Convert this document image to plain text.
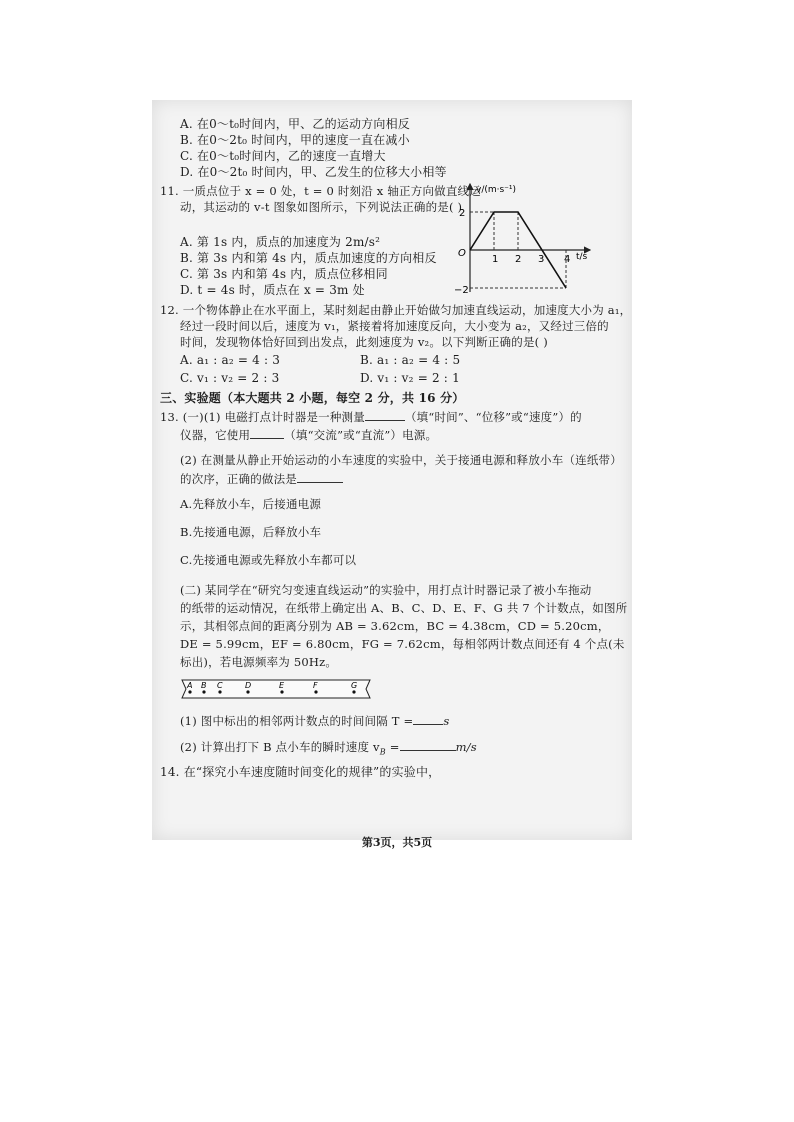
A. 在0～t₀时间内，甲、乙的运动方向相反
B. 在0～2t₀ 时间内，甲的速度一直在减小
C. 在0～t₀时间内，乙的速度一直增大
D. 在0～2t₀ 时间内，甲、乙发生的位移大小相等
11. 一质点位于 x = 0 处，t = 0 时刻沿 x 轴正方向做直线运
动，其运动的 v-t 图象如图所示，下列说法正确的是( )
A. 第 1s 内，质点的加速度为 2m/s²
B. 第 3s 内和第 4s 内，质点加速度的方向相反
C. 第 3s 内和第 4s 内，质点位移相同
D. t = 4s 时，质点在 x = 3m 处
v/(m·s⁻¹)
t/s
O
2
−2
1 2 3 4
12. 一个物体静止在水平面上，某时刻起由静止开始做匀加速直线运动，加速度大小为 a₁，
经过一段时间以后，速度为 v₁，紧接着将加速度反向，大小变为 a₂，又经过三倍的
时间，发现物体恰好回到出发点，此刻速度为 v₂。以下判断正确的是( )
A. a₁ : a₂ = 4 : 3	B. a₁ : a₂ = 4 : 5
C. v₁ : v₂ = 2 : 3	D. v₁ : v₂ = 2 : 1
三、实验题（本大题共 2 小题，每空 2 分，共 16 分）
13. (一)(1) 电磁打点计时器是一种测量	（填“时间”、“位移”或“速度”）的
仪器，它使用	（填“交流”或“直流”）电源。
(2) 在测量从静止开始运动的小车速度的实验中，关于接通电源和释放小车（连纸带）
的次序，正确的做法是
A.先释放小车，后接通电源
B.先接通电源，后释放小车
C.先接通电源或先释放小车都可以
(二) 某同学在“研究匀变速直线运动”的实验中，用打点计时器记录了被小车拖动
的纸带的运动情况，在纸带上确定出 A、B、C、D、E、F、G 共 7 个计数点，如图所
示，其相邻点间的距离分别为 AB = 3.62cm，BC = 4.38cm，CD = 5.20cm，
DE = 5.99cm，EF = 6.80cm，FG = 7.62cm，每相邻两计数点间还有 4 个点(未
标出)，若电源频率为 50Hz。
A B C	D	E	F	G
(1) 图中标出的相邻两计数点的时间间隔 T =	s
(2) 计算出打下 B 点小车的瞬时速度 $v_B$ =	m/s
14. 在“探究小车速度随时间变化的规律”的实验中，
第3页，共5页
